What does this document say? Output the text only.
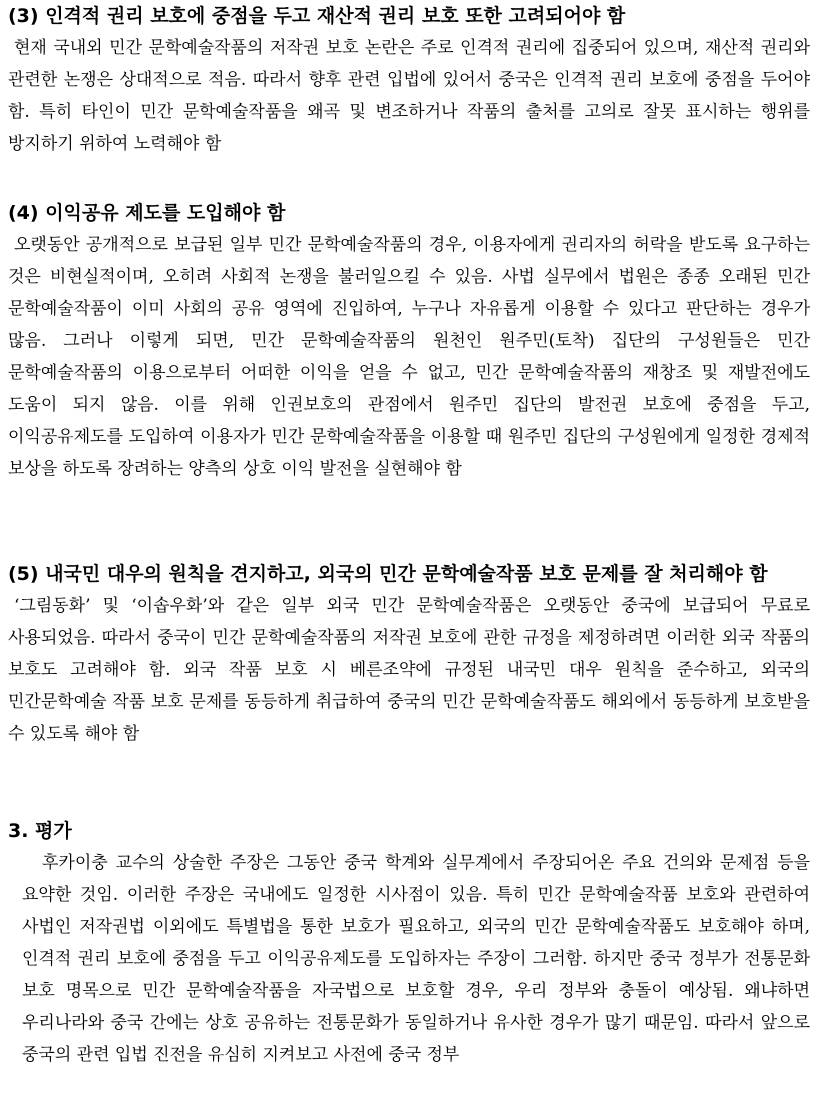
(3) 인격적 권리 보호에 중점을 두고 재산적 권리 보호 또한 고려되어야 함

현재 국내외 민간 문학예술작품의 저작권 보호 논란은 주로 인격적 권리에 집중되어 있으며, 재산적 권리와 관련한 논쟁은 상대적으로 적음. 따라서 향후 관련 입법에 있어서 중국은 인격적 권리 보호에 중점을 두어야 함. 특히 타인이 민간 문학예술작품을 왜곡 및 변조하거나 작품의 출처를 고의로 잘못 표시하는 행위를 방지하기 위하여 노력해야 함

(4) 이익공유 제도를 도입해야 함

오랫동안 공개적으로 보급된 일부 민간 문학예술작품의 경우, 이용자에게 권리자의 허락을 받도록 요구하는 것은 비현실적이며, 오히려 사회적 논쟁을 불러일으킬 수 있음. 사법 실무에서 법원은 종종 오래된 민간 문학예술작품이 이미 사회의 공유 영역에 진입하여, 누구나 자유롭게 이용할 수 있다고 판단하는 경우가 많음. 그러나 이렇게 되면, 민간 문학예술작품의 원천인 원주민(토착) 집단의 구성원들은 민간 문학예술작품의 이용으로부터 어떠한 이익을 얻을 수 없고, 민간 문학예술작품의 재창조 및 재발전에도 도움이 되지 않음. 이를 위해 인권보호의 관점에서 원주민 집단의 발전권 보호에 중점을 두고, 이익공유제도를 도입하여 이용자가 민간 문학예술작품을 이용할 때 원주민 집단의 구성원에게 일정한 경제적 보상을 하도록 장려하는 양측의 상호 이익 발전을 실현해야 함

(5) 내국민 대우의 원칙을 견지하고, 외국의 민간 문학예술작품 보호 문제를 잘 처리해야 함

‘그림동화’ 및 ‘이솝우화’와 같은 일부 외국 민간 문학예술작품은 오랫동안 중국에 보급되어 무료로 사용되었음. 따라서 중국이 민간 문학예술작품의 저작권 보호에 관한 규정을 제정하려면 이러한 외국 작품의 보호도 고려해야 함. 외국 작품 보호 시 베른조약에 규정된 내국민 대우 원칙을 준수하고, 외국의 민간문학예술 작품 보호 문제를 동등하게 취급하여 중국의 민간 문학예술작품도 해외에서 동등하게 보호받을 수 있도록 해야 함

3. 평가

후카이충 교수의 상술한 주장은 그동안 중국 학계와 실무계에서 주장되어온 주요 건의와 문제점 등을 요약한 것임. 이러한 주장은 국내에도 일정한 시사점이 있음. 특히 민간 문학예술작품 보호와 관련하여 사법인 저작권법 이외에도 특별법을 통한 보호가 필요하고, 외국의 민간 문학예술작품도 보호해야 하며, 인격적 권리 보호에 중점을 두고 이익공유제도를 도입하자는 주장이 그러함. 하지만 중국 정부가 전통문화 보호 명목으로 민간 문학예술작품을 자국법으로 보호할 경우, 우리 정부와 충돌이 예상됨. 왜냐하면 우리나라와 중국 간에는 상호 공유하는 전통문화가 동일하거나 유사한 경우가 많기 때문임. 따라서 앞으로 중국의 관련 입법 진전을 유심히 지켜보고 사전에 중국 정부
